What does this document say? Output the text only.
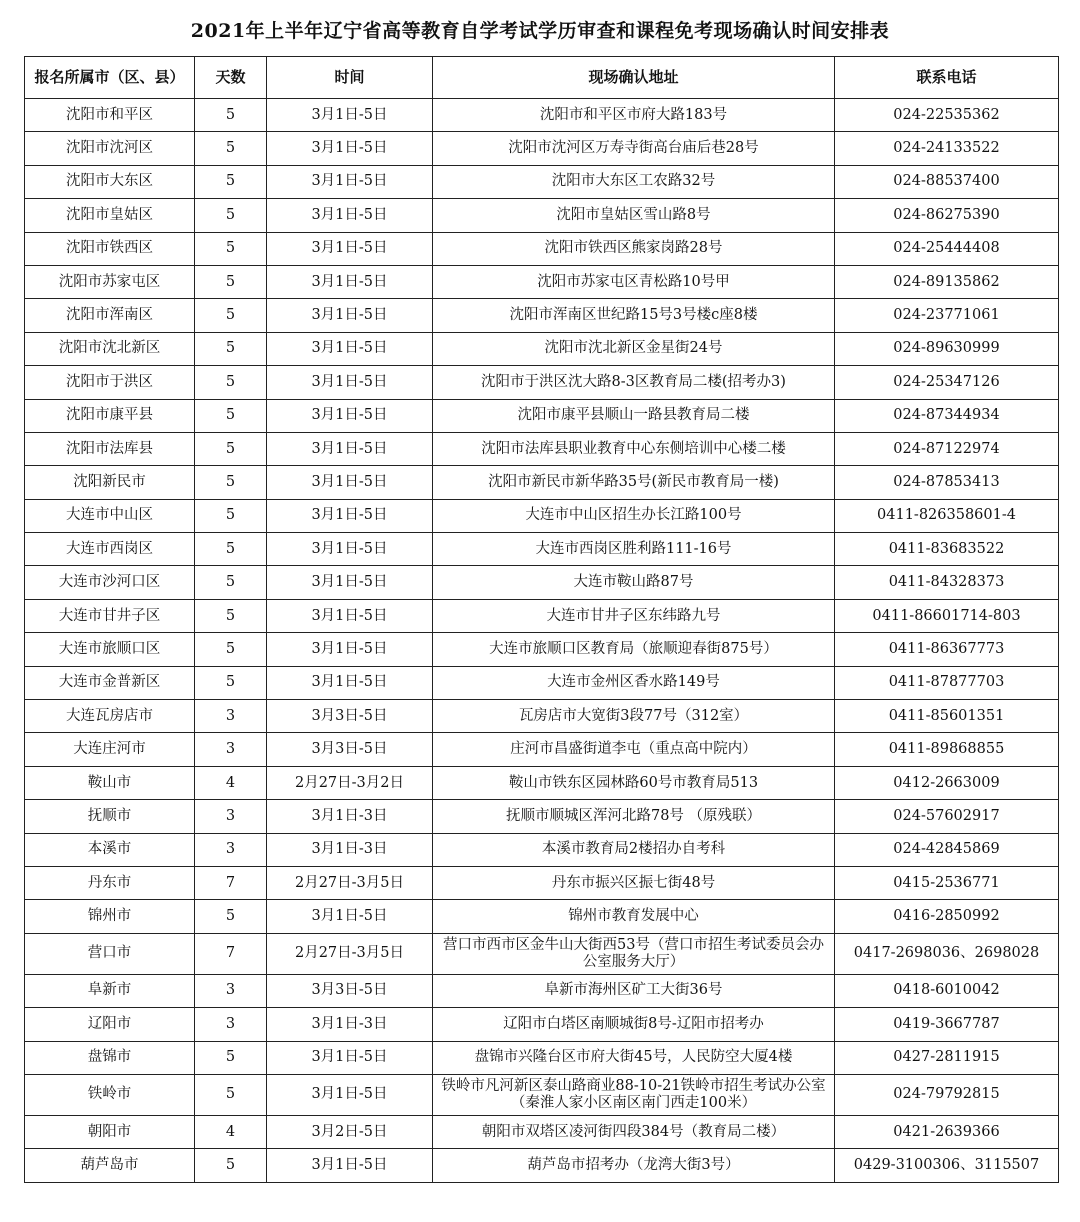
2021年上半年辽宁省高等教育自学考试学历审查和课程免考现场确认时间安排表
报名所属市（区、县）	天数	时间	现场确认地址	联系电话
沈阳市和平区	5	3月1日-5日	沈阳市和平区市府大路183号	024-22535362
沈阳市沈河区	5	3月1日-5日	沈阳市沈河区万寿寺街高台庙后巷28号	024-24133522
沈阳市大东区	5	3月1日-5日	沈阳市大东区工农路32号	024-88537400
沈阳市皇姑区	5	3月1日-5日	沈阳市皇姑区雪山路8号	024-86275390
沈阳市铁西区	5	3月1日-5日	沈阳市铁西区熊家岗路28号	024-25444408
沈阳市苏家屯区	5	3月1日-5日	沈阳市苏家屯区青松路10号甲	024-89135862
沈阳市浑南区	5	3月1日-5日	沈阳市浑南区世纪路15号3号楼c座8楼	024-23771061
沈阳市沈北新区	5	3月1日-5日	沈阳市沈北新区金星街24号	024-89630999
沈阳市于洪区	5	3月1日-5日	沈阳市于洪区沈大路8-3区教育局二楼(招考办3)	024-25347126
沈阳市康平县	5	3月1日-5日	沈阳市康平县顺山一路县教育局二楼	024-87344934
沈阳市法库县	5	3月1日-5日	沈阳市法库县职业教育中心东侧培训中心楼二楼	024-87122974
沈阳新民市	5	3月1日-5日	沈阳市新民市新华路35号(新民市教育局一楼)	024-87853413
大连市中山区	5	3月1日-5日	大连市中山区招生办长江路100号	0411-826358601-4
大连市西岗区	5	3月1日-5日	大连市西岗区胜利路111-16号	0411-83683522
大连市沙河口区	5	3月1日-5日	大连市鞍山路87号	0411-84328373
大连市甘井子区	5	3月1日-5日	大连市甘井子区东纬路九号	0411-86601714-803
大连市旅顺口区	5	3月1日-5日	大连市旅顺口区教育局（旅顺迎春街875号）	0411-86367773
大连市金普新区	5	3月1日-5日	大连市金州区香水路149号	0411-87877703
大连瓦房店市	3	3月3日-5日	瓦房店市大宽街3段77号（312室）	0411-85601351
大连庄河市	3	3月3日-5日	庄河市昌盛街道李屯（重点高中院内）	0411-89868855
鞍山市	4	2月27日-3月2日	鞍山市铁东区园林路60号市教育局513	0412-2663009
抚顺市	3	3月1日-3日	抚顺市顺城区浑河北路78号 （原残联）	024-57602917
本溪市	3	3月1日-3日	本溪市教育局2楼招办自考科	024-42845869
丹东市	7	2月27日-3月5日	丹东市振兴区振七街48号	0415-2536771
锦州市	5	3月1日-5日	锦州市教育发展中心	0416-2850992
营口市	7	2月27日-3月5日	营口市西市区金牛山大街西53号（营口市招生考试委员会办公室服务大厅）	0417-2698036、2698028
阜新市	3	3月3日-5日	阜新市海州区矿工大街36号	0418-6010042
辽阳市	3	3月1日-3日	辽阳市白塔区南顺城街8号-辽阳市招考办	0419-3667787
盘锦市	5	3月1日-5日	盘锦市兴隆台区市府大街45号，人民防空大厦4楼	0427-2811915
铁岭市	5	3月1日-5日	铁岭市凡河新区泰山路商业88-10-21铁岭市招生考试办公室（秦淮人家小区南区南门西走100米）	024-79792815
朝阳市	4	3月2日-5日	朝阳市双塔区凌河街四段384号（教育局二楼）	0421-2639366
葫芦岛市	5	3月1日-5日	葫芦岛市招考办（龙湾大街3号）	0429-3100306、3115507
